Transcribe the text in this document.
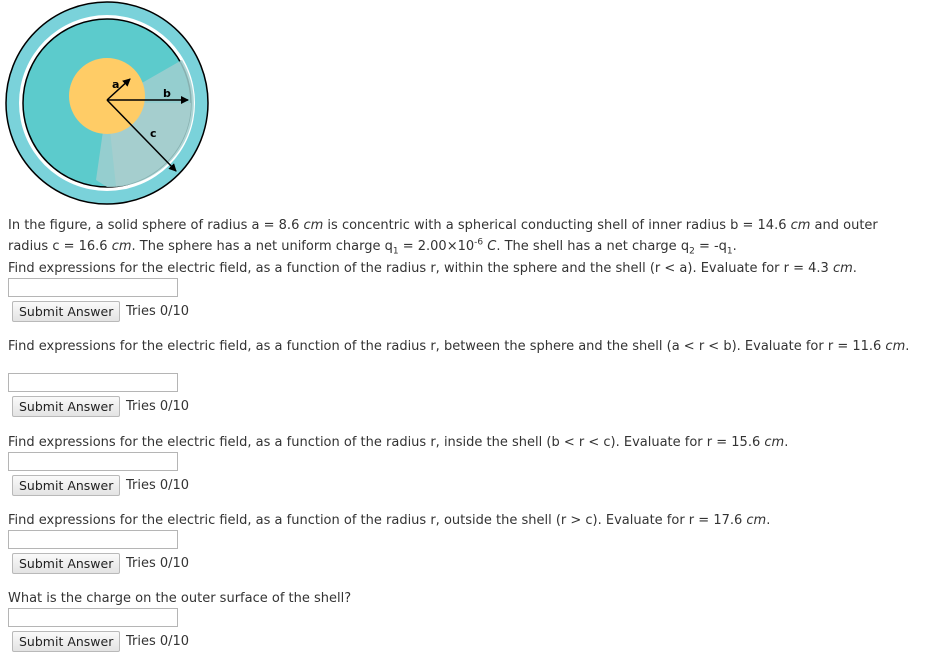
a
b
c
In the figure, a solid sphere of radius a = 8.6 cm is concentric with a spherical conducting shell of inner radius b = 14.6 cm and outer
radius c = 16.6 cm. The sphere has a net uniform charge $q_1 = 2.00\times 10^{-6}$ C. The shell has a net charge $q_2 = -q_1$.
Find expressions for the electric field, as a function of the radius r, within the sphere and the shell (r < a). Evaluate for r = 4.3 cm.
Submit Answer Tries 0/10
Find expressions for the electric field, as a function of the radius r, between the sphere and the shell (a < r < b). Evaluate for r = 11.6 cm.
Submit Answer Tries 0/10
Find expressions for the electric field, as a function of the radius r, inside the shell (b < r < c). Evaluate for r = 15.6 cm.
Submit Answer Tries 0/10
Find expressions for the electric field, as a function of the radius r, outside the shell (r > c). Evaluate for r = 17.6 cm.
Submit Answer Tries 0/10
What is the charge on the outer surface of the shell?
Submit Answer Tries 0/10
